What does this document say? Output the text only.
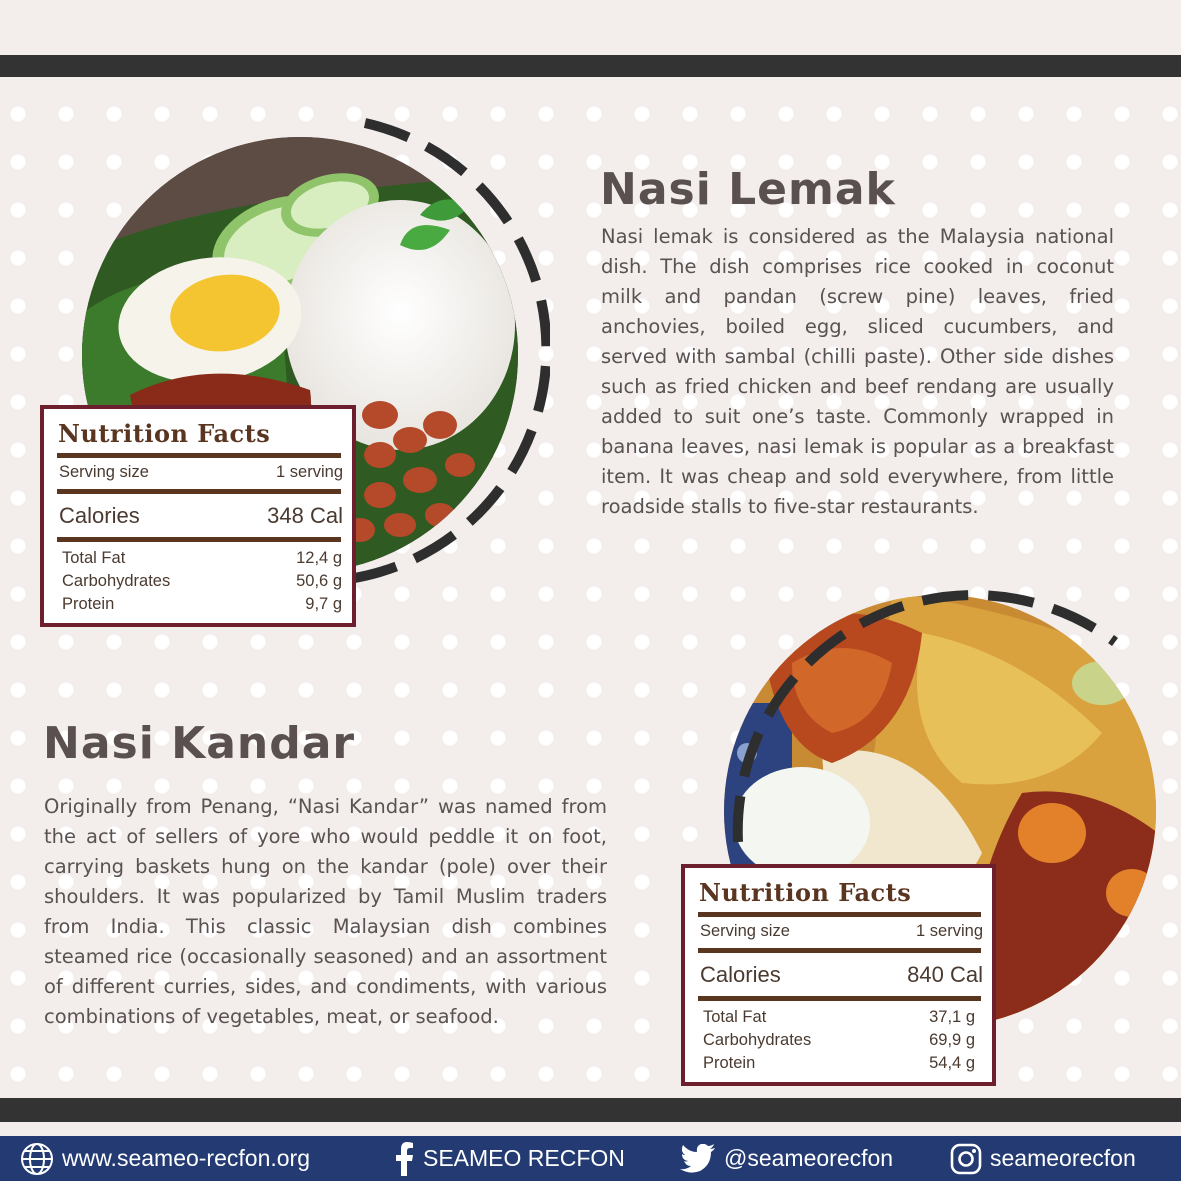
Nasi Lemak

Nasi lemak is considered as the Malaysia national dish. The dish comprises rice cooked in coconut milk and pandan (screw pine) leaves, fried anchovies, boiled egg, sliced cucumbers, and served with sambal (chilli paste). Other side dishes such as fried chicken and beef rendang are usually added to suit one’s taste. Commonly wrapped in banana leaves, nasi lemak is popular as a breakfast item. It was cheap and sold everywhere, from little roadside stalls to five-star restaurants.

Nutrition Facts
Serving size	1 serving
Calories	348 Cal
Total Fat	12,4 g
Carbohydrates	50,6 g
Protein	9,7 g
Nasi Kandar

Originally from Penang, “Nasi Kandar” was named from the act of sellers of yore who would peddle it on foot, carrying baskets hung on the kandar (pole) over their shoulders. It was popularized by Tamil Muslim traders from India. This classic Malaysian dish combines steamed rice (occasionally seasoned) and an assortment of different curries, sides, and condiments, with various combinations of vegetables, meat, or seafood.

Nutrition Facts
Serving size	1 serving
Calories	840 Cal
Total Fat	37,1 g
Carbohydrates	69,9 g
Protein	54,4 g
www.seameo-recfon.org	SEAMEO RECFON	@seameorecfon	seameorecfon
